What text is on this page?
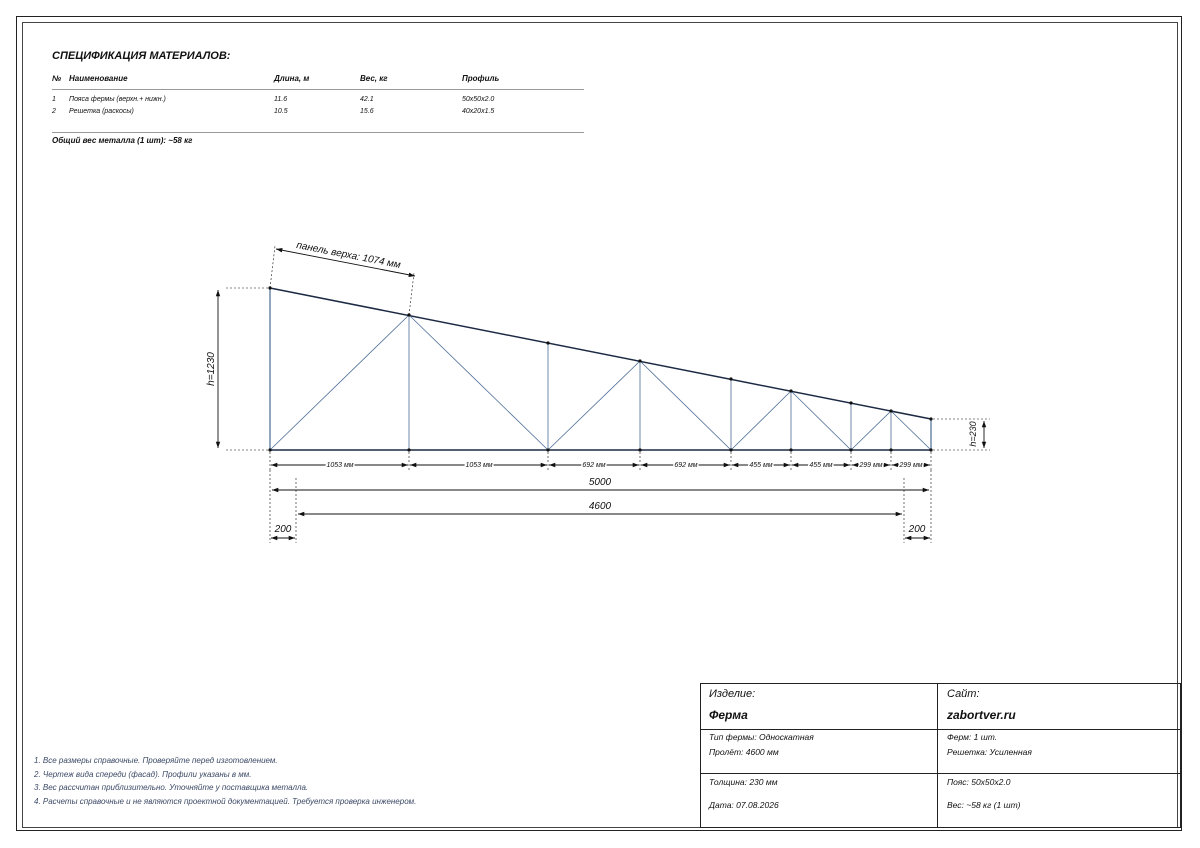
СПЕЦИФИКАЦИЯ МАТЕРИАЛОВ:
№ Наименование	Длина, м	Вес, кг	Профиль
1 Пояса фермы (верхн.+ нижн.)	11.6	42.1	50x50x2.0
2 Решетка (раскосы)	10.5	15.6	40x20x1.5
Общий вес металла (1 шт): ~58 кг
панель верха: 1074 мм
h=1230
h=230
1053 мм	1053 мм	692 мм	692 мм	455 мм	455 мм	299 мм 299 мм
5000
4600
200	200
1. Все размеры справочные. Проверяйте перед изготовлением.
2. Чертеж вида спереди (фасад). Профили указаны в мм.
3. Вес рассчитан приблизительно. Уточняйте у поставщика металла.
4. Расчеты справочные и не являются проектной документацией. Требуется проверка инженером.
Изделие:
Ферма
Сайт:
zabortver.ru
Тип фермы: Односкатная
Пролёт: 4600 мм
Ферм: 1 шт.
Решетка: Усиленная
Толщина: 230 мм	Пояс: 50x50x2.0
Дата: 07.08.2026	Вес: ~58 кг (1 шт)
